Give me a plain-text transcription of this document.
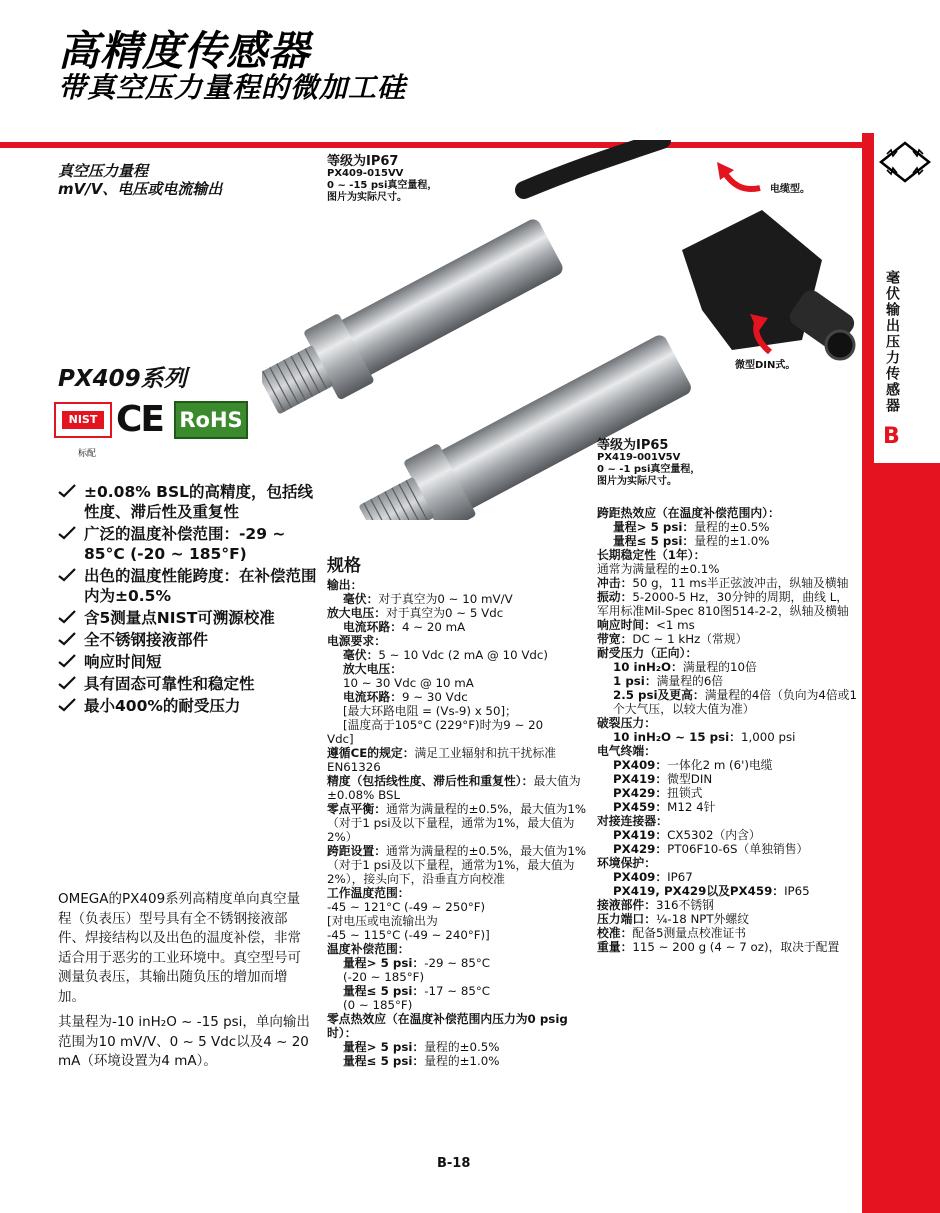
高精度传感器
带真空压力量程的微加工硅
毫伏输出压力传感器
B
真空压力量程
mV/V、电压或电流输出
等级为IP67
PX409-015VV
0 ~ -15 psi真空量程，
图片为实际尺寸。
电缆型。
微型DIN式。
等级为IP65
PX419-001V5V
0 ~ -1 psi真空量程，
图片为实际尺寸。
PX409系列
NIST CE RoHS
标配
±0.08% BSL的高精度，包括线性度、滞后性及重复性
广泛的温度补偿范围：-29 ~ 85°C (-20 ~ 185°F)
出色的温度性能跨度：在补偿范围内为±0.5%
含5测量点NIST可溯源校准
全不锈钢接液部件
响应时间短
具有固态可靠性和稳定性
最小400%的耐受压力

OMEGA的PX409系列高精度单向真空量程（负表压）型号具有全不锈钢接液部件、焊接结构以及出色的温度补偿，非常适合用于恶劣的工业环境中。真空型号可测量负表压，其输出随负压的增加而增加。

其量程为-10 inH₂O ~ -15 psi，单向输出范围为10 mV/V、0 ~ 5 Vdc以及4 ~ 20 mA（环境设置为4 mA）。

规格
输出：
毫伏：对于真空为0 ~ 10 mV/V
放大电压：对于真空为0 ~ 5 Vdc
电流环路：4 ~ 20 mA
电源要求：
毫伏：5 ~ 10 Vdc (2 mA @ 10 Vdc)
放大电压：
10 ~ 30 Vdc @ 10 mA
电流环路：9 ~ 30 Vdc
[最大环路电阻 = (Vs-9) x 50]；
[温度高于105°C (229°F)时为9 ~ 20
Vdc]
遵循CE的规定：满足工业辐射和抗干扰标准EN61326
精度（包括线性度、滞后性和重复性）：最大值为±0.08% BSL
零点平衡：通常为满量程的±0.5%，最大值为1%（对于1 psi及以下量程，通常为1%，最大值为2%）
跨距设置：通常为满量程的±0.5%，最大值为1%（对于1 psi及以下量程，通常为1%，最大值为2%），接头向下，沿垂直方向校准
工作温度范围：
-45 ~ 121°C (-49 ~ 250°F)
[对电压或电流输出为
-45 ~ 115°C (-49 ~ 240°F)]
温度补偿范围：
量程> 5 psi：-29 ~ 85°C
(-20 ~ 185°F)
量程≤ 5 psi：-17 ~ 85°C
(0 ~ 185°F)
零点热效应（在温度补偿范围内压力为0 psig 时）：
量程> 5 psi：量程的±0.5%
量程≤ 5 psi：量程的±1.0%
跨距热效应（在温度补偿范围内）：
量程> 5 psi：量程的±0.5%
量程≤ 5 psi：量程的±1.0%
长期稳定性（1年）：
通常为满量程的±0.1%
冲击：50 g，11 ms半正弦波冲击，纵轴及横轴
振动：5-2000-5 Hz，30分钟的周期，曲线 L，军用标准Mil-Spec 810图514-2-2，纵轴及横轴
响应时间：<1 ms
带宽：DC ~ 1 kHz（常规）
耐受压力（正向）：
10 inH₂O：满量程的10倍
1 psi：满量程的6倍
2.5 psi及更高：满量程的4倍（负向为4倍或1个大气压，以较大值为准）
破裂压力：
10 inH₂O ~ 15 psi：1,000 psi
电气终端：
PX409：一体化2 m (6')电缆
PX419：微型DIN
PX429：扭锁式
PX459：M12 4针
对接连接器：
PX419：CX5302（内含）
PX429：PT06F10-6S（单独销售）
环境保护：
PX409：IP67
PX419, PX429以及PX459：IP65
接液部件：316不锈钢
压力端口：¼-18 NPT外螺纹
校准：配备5测量点校准证书
重量：115 ~ 200 g (4 ~ 7 oz)，取决于配置
B-18
